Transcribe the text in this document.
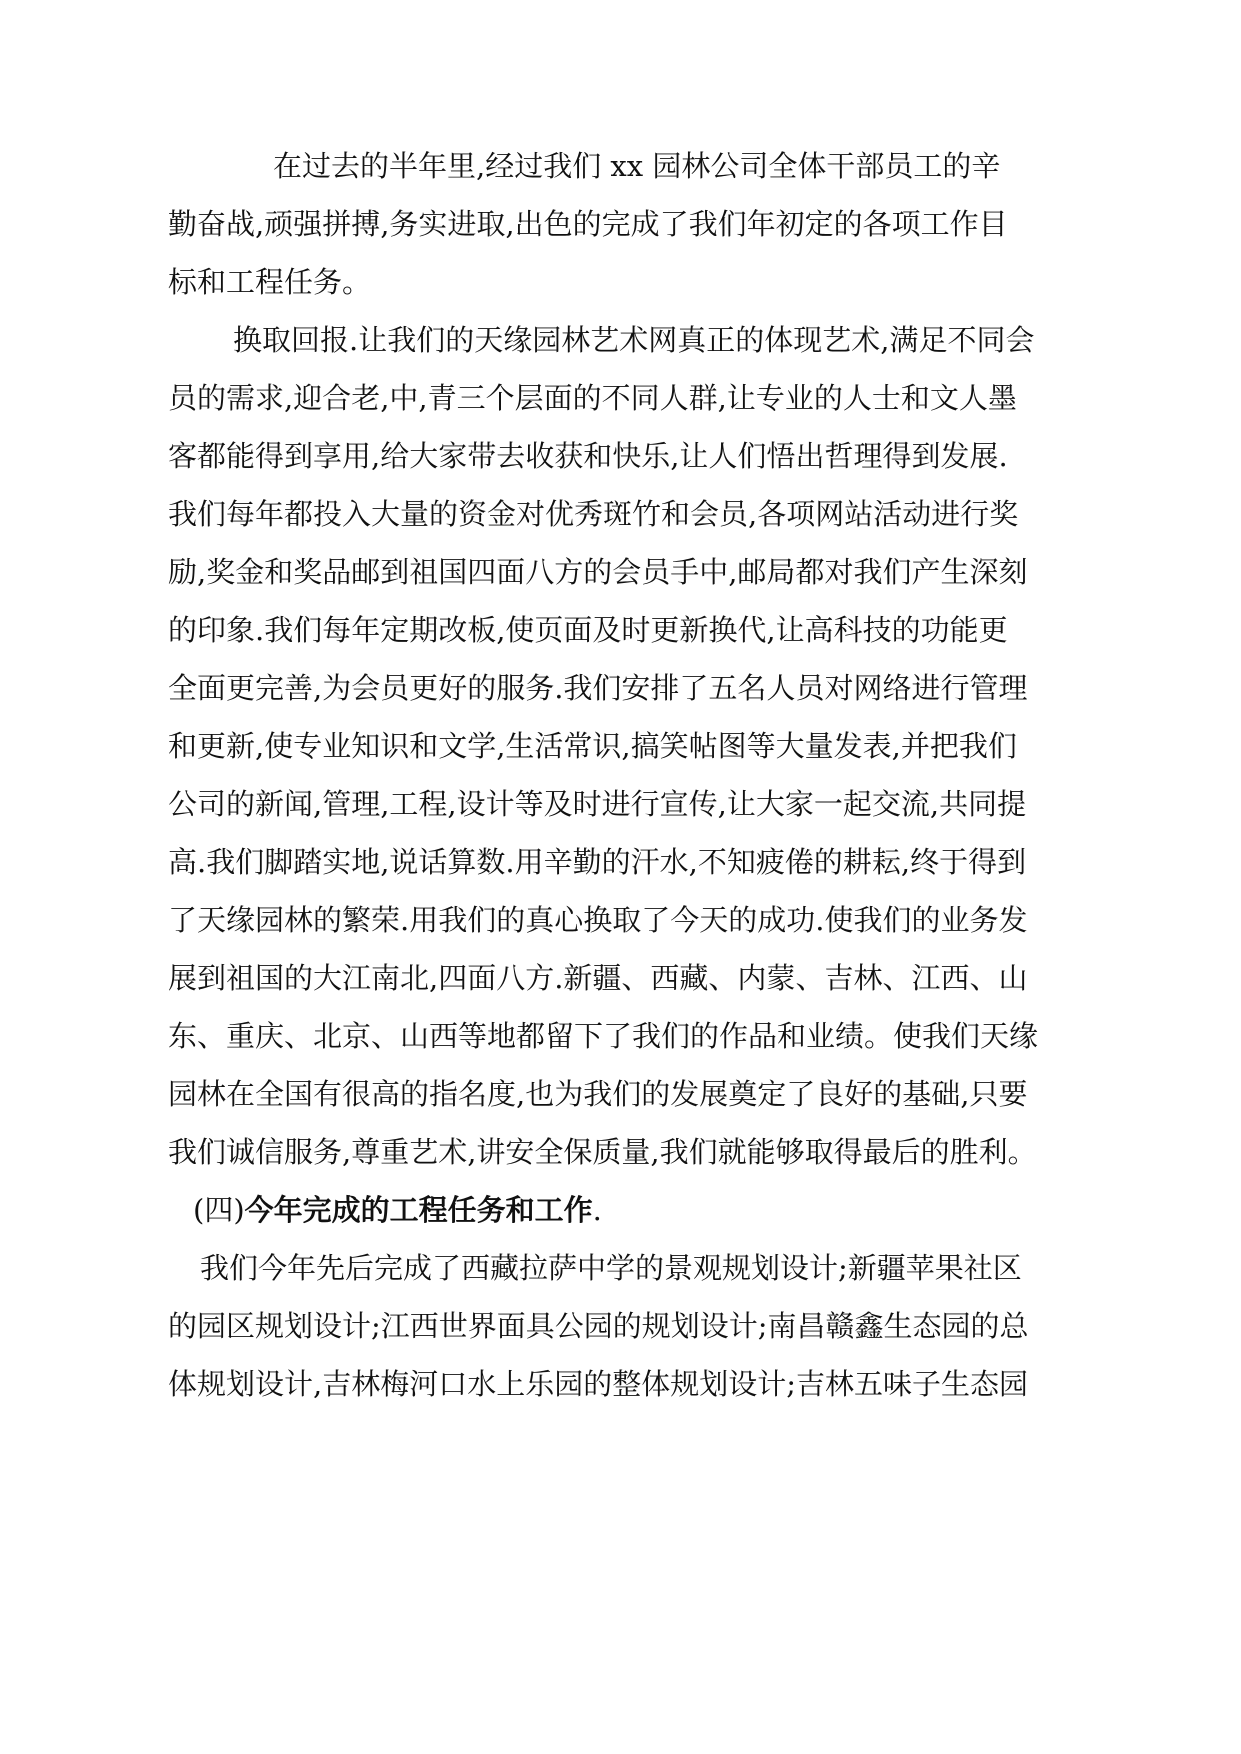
在过去的半年里,经过我们 xx 园林公司全体干部员工的辛
勤奋战,顽强拼搏,务实进取,出色的完成了我们年初定的各项工作目
标和工程任务。
换取回报.让我们的天缘园林艺术网真正的体现艺术,满足不同会
员的需求,迎合老,中,青三个层面的不同人群,让专业的人士和文人墨
客都能得到享用,给大家带去收获和快乐,让人们悟出哲理得到发展.
我们每年都投入大量的资金对优秀斑竹和会员,各项网站活动进行奖
励,奖金和奖品邮到祖国四面八方的会员手中,邮局都对我们产生深刻
的印象.我们每年定期改板,使页面及时更新换代,让高科技的功能更
全面更完善,为会员更好的服务.我们安排了五名人员对网络进行管理
和更新,使专业知识和文学,生活常识,搞笑帖图等大量发表,并把我们
公司的新闻,管理,工程,设计等及时进行宣传,让大家一起交流,共同提
高.我们脚踏实地,说话算数.用辛勤的汗水,不知疲倦的耕耘,终于得到
了天缘园林的繁荣.用我们的真心换取了今天的成功.使我们的业务发
展到祖国的大江南北,四面八方.新疆、西藏、内蒙、吉林、江西、山
东、重庆、北京、山西等地都留下了我们的作品和业绩。使我们天缘
园林在全国有很高的指名度,也为我们的发展奠定了良好的基础,只要
我们诚信服务,尊重艺术,讲安全保质量,我们就能够取得最后的胜利。
(四)今年完成的工程任务和工作.
我们今年先后完成了西藏拉萨中学的景观规划设计;新疆苹果社区
的园区规划设计;江西世界面具公园的规划设计;南昌赣鑫生态园的总
体规划设计,吉林梅河口水上乐园的整体规划设计;吉林五味子生态园
